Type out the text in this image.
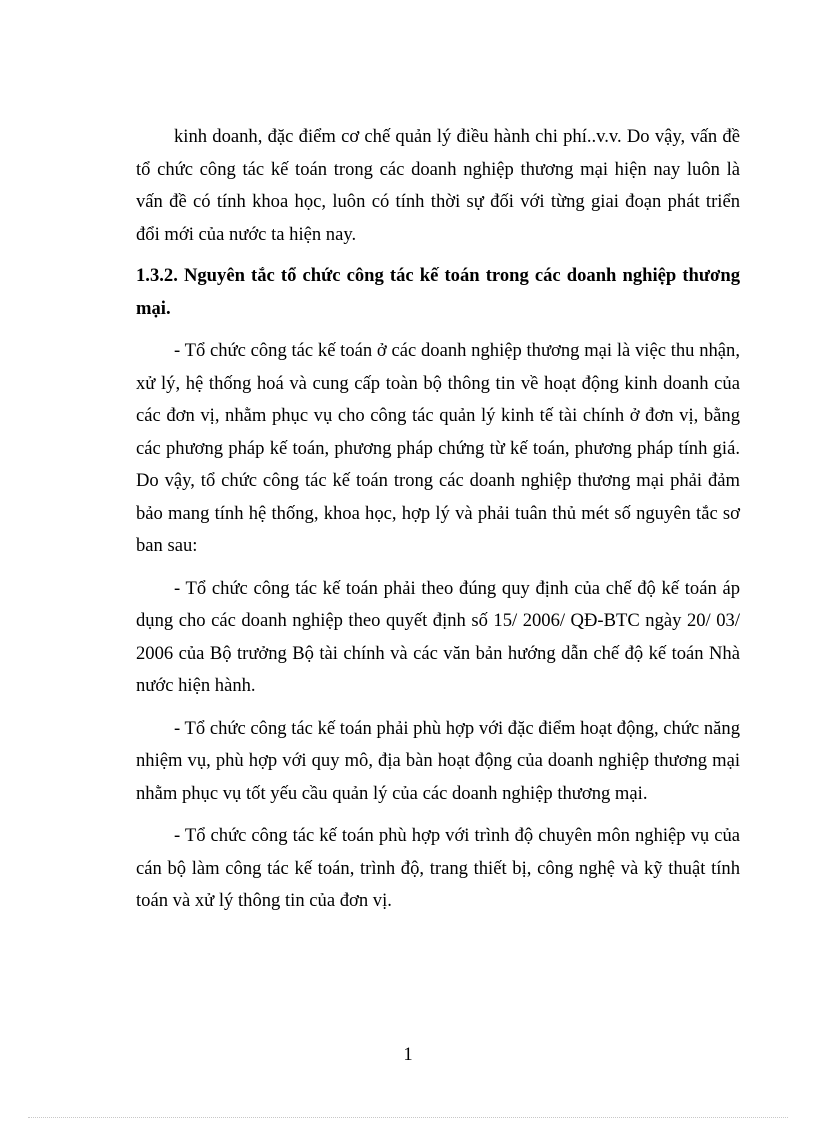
kinh doanh, đặc điểm cơ chế quản lý điều hành chi phí..v.v. Do vậy, vấn đề tổ chức công tác kế toán trong các doanh nghiệp thương mại hiện nay luôn là vấn đề có tính khoa học, luôn có tính thời sự đối với từng giai đoạn phát triển đổi mới của nước ta hiện nay.

1.3.2. Nguyên tắc tổ chức công tác kế toán trong các doanh nghiệp thương mại.

- Tổ chức công tác kế toán ở các doanh nghiệp thương mại là việc thu nhận, xử lý, hệ thống hoá và cung cấp toàn bộ thông tin về hoạt động kinh doanh của các đơn vị, nhằm phục vụ cho công tác quản lý kinh tế tài chính ở đơn vị, bằng các phương pháp kế toán, phương pháp chứng từ kế toán, phương pháp tính giá. Do vậy, tổ chức công tác kế toán trong các doanh nghiệp thương mại phải đảm bảo mang tính hệ thống, khoa học, hợp lý và phải tuân thủ mét số nguyên tắc sơ ban sau:

- Tổ chức công tác kế toán phải theo đúng quy định của chế độ kế toán áp dụng cho các doanh nghiệp theo quyết định số 15/ 2006/ QĐ-BTC ngày 20/ 03/ 2006 của Bộ trưởng Bộ tài chính và các văn bản hướng dẫn chế độ kế toán Nhà nước hiện hành.

- Tổ chức công tác kế toán phải phù hợp với đặc điểm hoạt động, chức năng nhiệm vụ, phù hợp với quy mô, địa bàn hoạt động của doanh nghiệp thương mại nhằm phục vụ tốt yếu cầu quản lý của các doanh nghiệp thương mại.

- Tổ chức công tác kế toán phù hợp với trình độ chuyên môn nghiệp vụ của cán bộ làm công tác kế toán, trình độ, trang thiết bị, công nghệ và kỹ thuật tính toán và xử lý thông tin của đơn vị.

1
